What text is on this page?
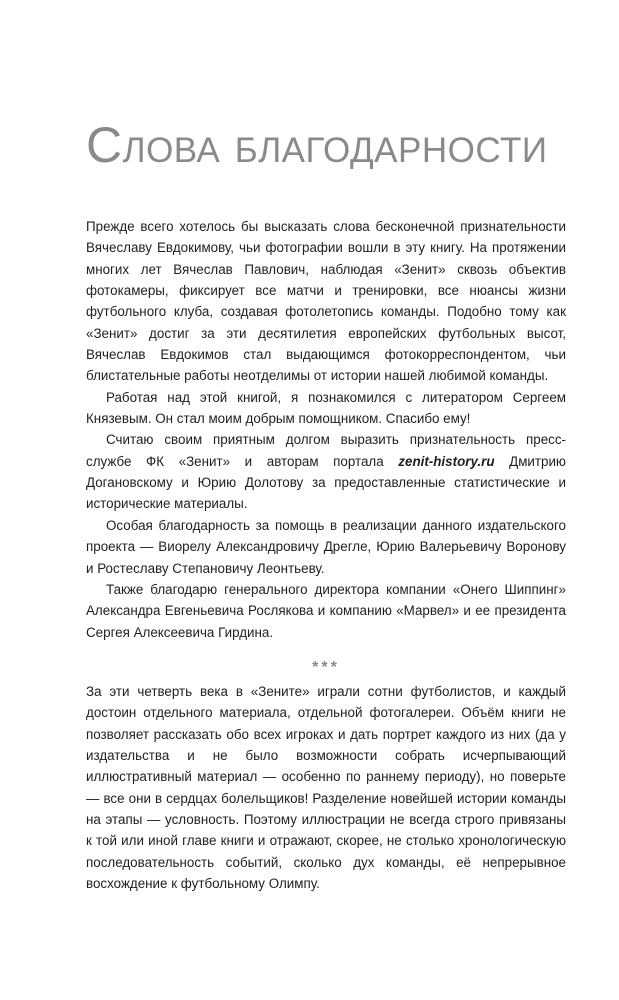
Слова благодарности

Прежде всего хотелось бы высказать слова бесконечной признательности Вячеславу Евдокимову, чьи фотографии вошли в эту книгу. На протяжении многих лет Вячеслав Павлович, наблюдая «Зенит» сквозь объектив фотокамеры, фиксирует все матчи и тренировки, все нюансы жизни футбольного клуба, создавая фотолетопись команды. Подобно тому как «Зенит» достиг за эти десятилетия европейских футбольных высот, Вячеслав Евдокимов стал выдающимся фотокорреспондентом, чьи блистательные работы неотделимы от истории нашей любимой команды.

Работая над этой книгой, я познакомился с литератором Сергеем Князевым. Он стал моим добрым помощником. Спасибо ему!

Считаю своим приятным долгом выразить признательность пресс-службе ФК «Зенит» и авторам портала zenit-history.ru Дмитрию Догановскому и Юрию Долотову за предоставленные статистические и исторические материалы.

Особая благодарность за помощь в реализации данного издательского проекта — Виорелу Александровичу Дрегле, Юрию Валерьевичу Воронову и Ростеславу Степановичу Леонтьеву.

Также благодарю генерального директора компании «Онего Шиппинг» Александра Евгеньевича Рослякова и компанию «Марвел» и ее президента Сергея Алексеевича Гирдина.

***

За эти четверть века в «Зените» играли сотни футболистов, и каждый достоин отдельного материала, отдельной фотогалереи. Объём книги не позволяет рассказать обо всех игроках и дать портрет каждого из них (да у издательства и не было возможности собрать исчерпывающий иллюстративный материал — особенно по раннему периоду), но поверьте — все они в сердцах болельщиков! Разделение новейшей истории команды на этапы — условность. Поэтому иллюстрации не всегда строго привязаны к той или иной главе книги и отражают, скорее, не столько хронологическую последовательность событий, сколько дух команды, её непрерывное восхождение к футбольному Олимпу.
